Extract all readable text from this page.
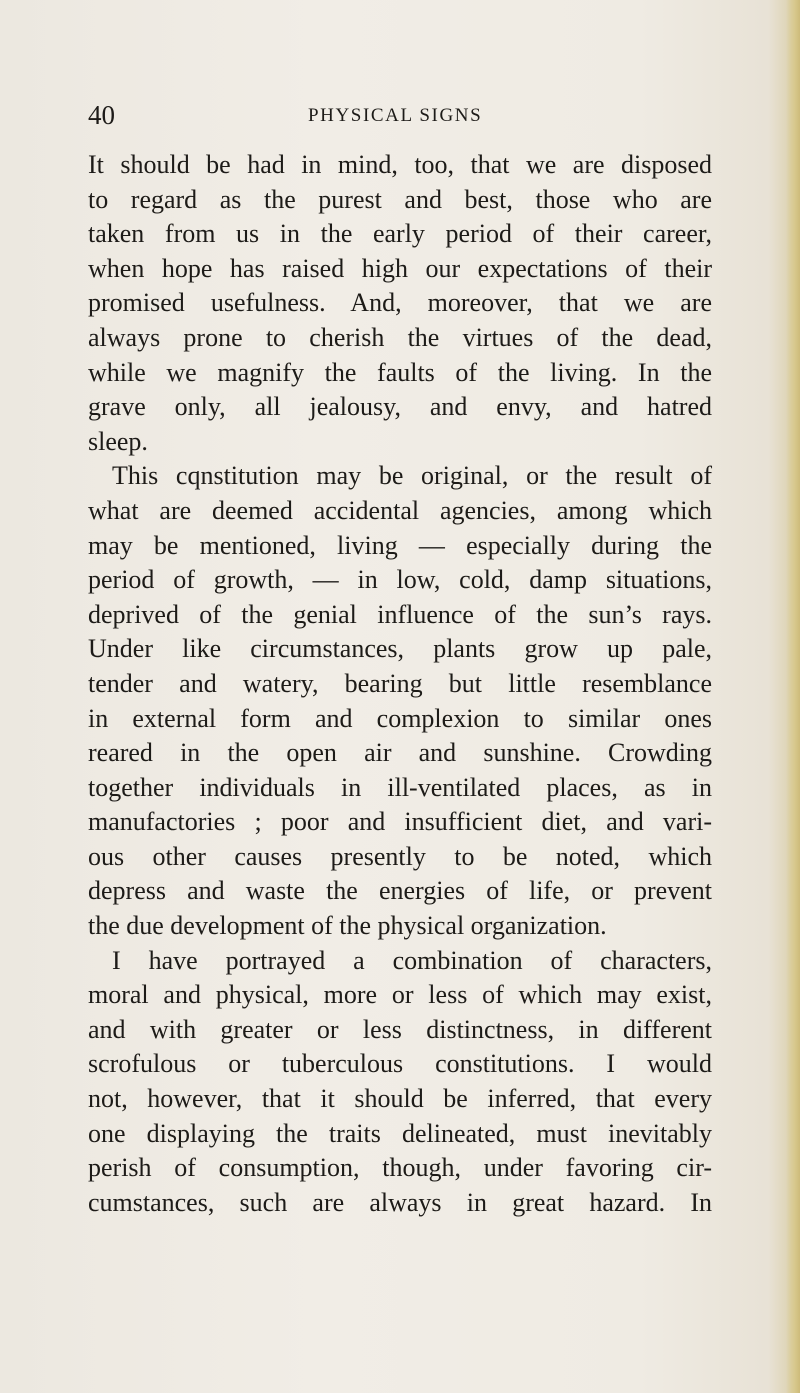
40	PHYSICAL SIGNS
It should be had in mind, too, that we are disposed
to regard as the purest and best, those who are
taken from us in the early period of their career,
when hope has raised high our expectations of their
promised usefulness. And, moreover, that we are
always prone to cherish the virtues of the dead,
while we magnify the faults of the living. In the
grave only, all jealousy, and envy, and hatred
sleep.
This cqnstitution may be original, or the result of
what are deemed accidental agencies, among which
may be mentioned, living — especially during the
period of growth, — in low, cold, damp situations,
deprived of the genial influence of the sun’s rays.
Under like circumstances, plants grow up pale,
tender and watery, bearing but little resemblance
in external form and complexion to similar ones
reared in the open air and sunshine. Crowding
together individuals in ill-ventilated places, as in
manufactories ; poor and insufficient diet, and vari-
ous other causes presently to be noted, which
depress and waste the energies of life, or prevent
the due development of the physical organization.
I have portrayed a combination of characters,
moral and physical, more or less of which may exist,
and with greater or less distinctness, in different
scrofulous or tuberculous constitutions. I would
not, however, that it should be inferred, that every
one displaying the traits delineated, must inevitably
perish of consumption, though, under favoring cir-
cumstances, such are always in great hazard. In
